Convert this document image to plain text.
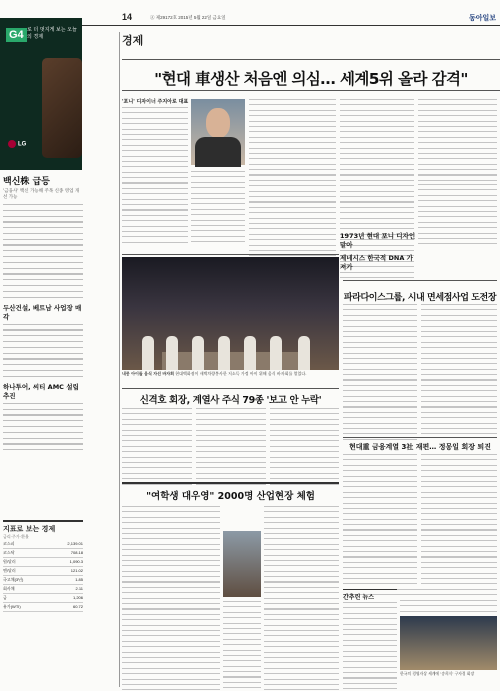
14	Ⓐ 제29172호 2015년 5월 22일 금요일	동아일보
경제
G4 로 더 멋지게 보는 오늘의 경제
LG
백신株 급등
'금융사' 백신 가능해 주목 신종 영업 개선 가능
두산건설, 베트남 사업장 매각
하나투어, 씨티 AMC 설립 추진
지표로 보는 경제
금리·주가·환율
코스피	2,139.01
코스닥	708.18
원/달러	1,090.3
엔/달러	121.02
국고채(3년)	1.85
회사채	2.11
금	1,206
유가(WTI)	60.72
"현대 車생산 처음엔 의심… 세계5위 올라 감격"
'포니' 디자이너 주지아로 대표
1973년 현대 포니 디자인 맡아
제네시스 한국적 DNA 가져가
내몽 아이들 음식 자선 바자회 현대백화점이 새벽차량봉사한 저소득 가정 아이 위해 음식 바자회를 열었다.
파라다이스그룹, 시내 면세점사업 도전장
신격호 회장, 계열사 주식 79종 '보고 안 누락'
현대重 금융계열 3社 재편… 정몽일 회장 퇴진
"여학생 대우영" 2000명 산업현장 체험
간추린 뉴스
한국의 경영자상 세계에 '송희식' 구자경 회장
